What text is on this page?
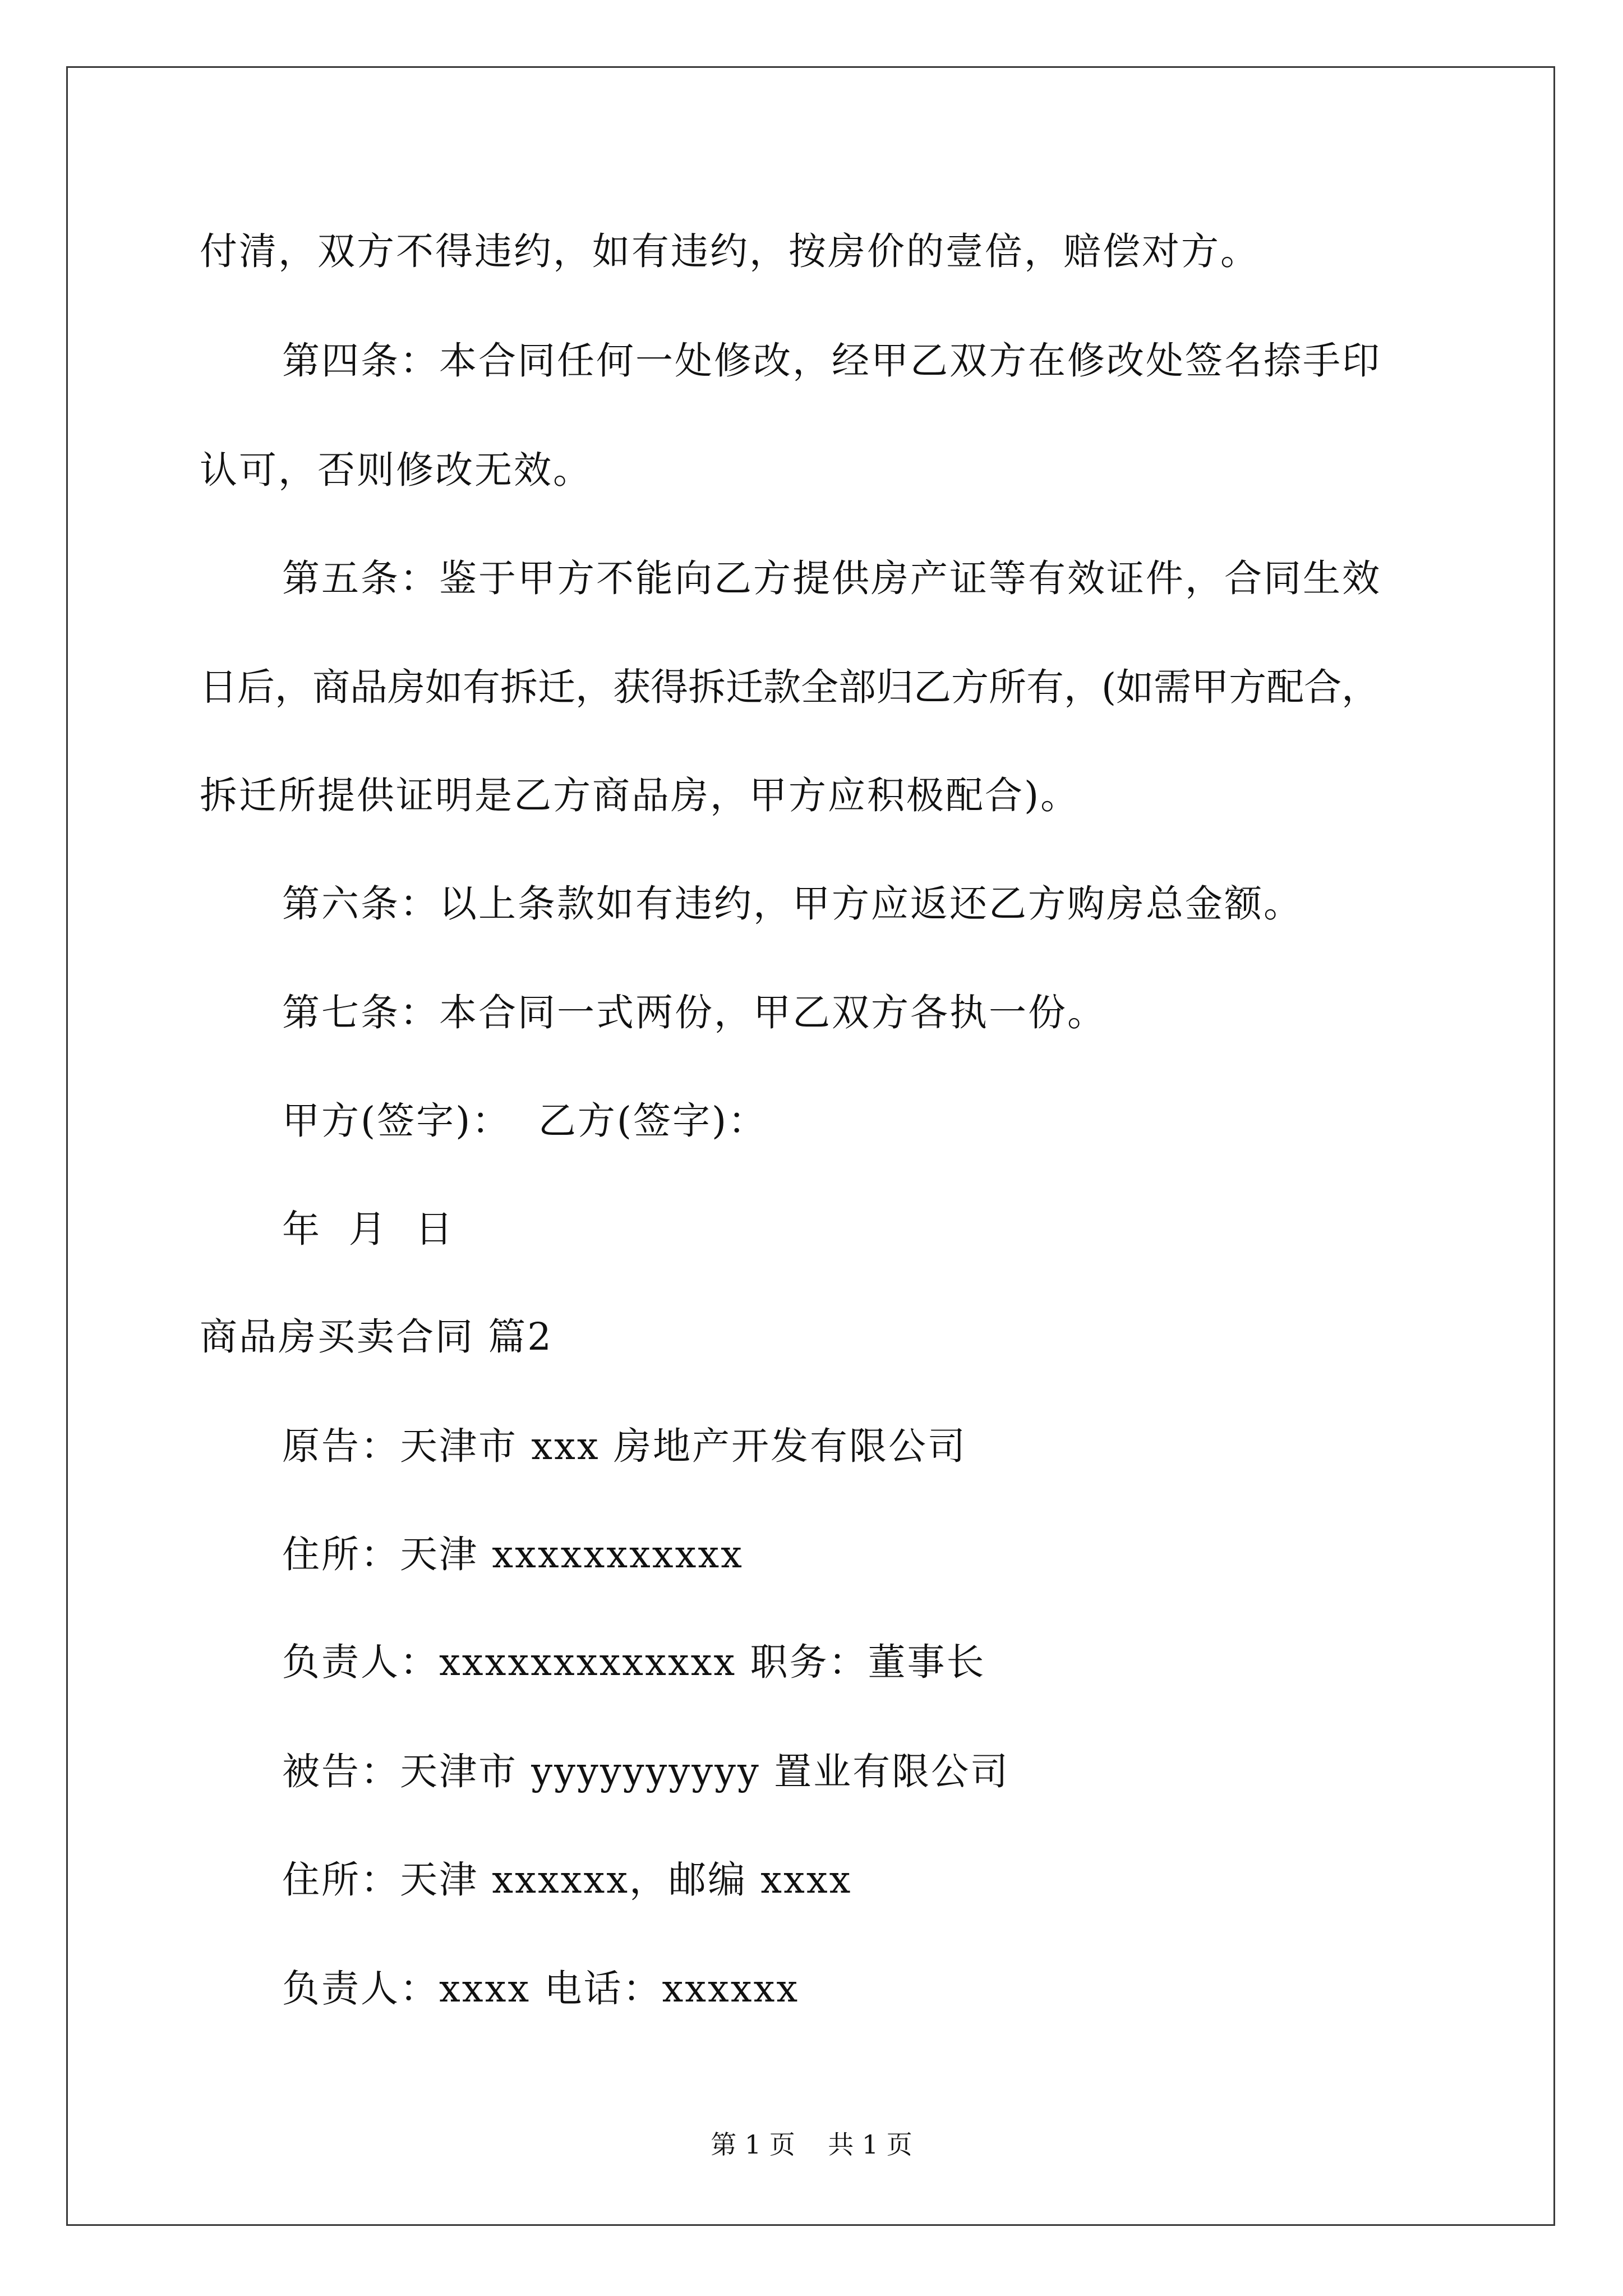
付清，双方不得违约，如有违约，按房价的壹倍，赔偿对方。
第四条：本合同任何一处修改，经甲乙双方在修改处签名捺手印
认可，否则修改无效。
第五条：鉴于甲方不能向乙方提供房产证等有效证件，合同生效
日后，商品房如有拆迁，获得拆迁款全部归乙方所有，(如需甲方配合，
拆迁所提供证明是乙方商品房，甲方应积极配合)。
第六条：以上条款如有违约，甲方应返还乙方购房总金额。
第七条：本合同一式两份，甲乙双方各执一份。
甲方(签字)：  乙方(签字)：
年  月  日
商品房买卖合同 篇2
原告：天津市 xxx 房地产开发有限公司
住所：天津 xxxxxxxxxxx
负责人：xxxxxxxxxxxxx 职务：董事长
被告：天津市 yyyyyyyyyy 置业有限公司
住所：天津 xxxxxx，邮编 xxxx
负责人：xxxx 电话：xxxxxx
第 1 页    共 1 页
